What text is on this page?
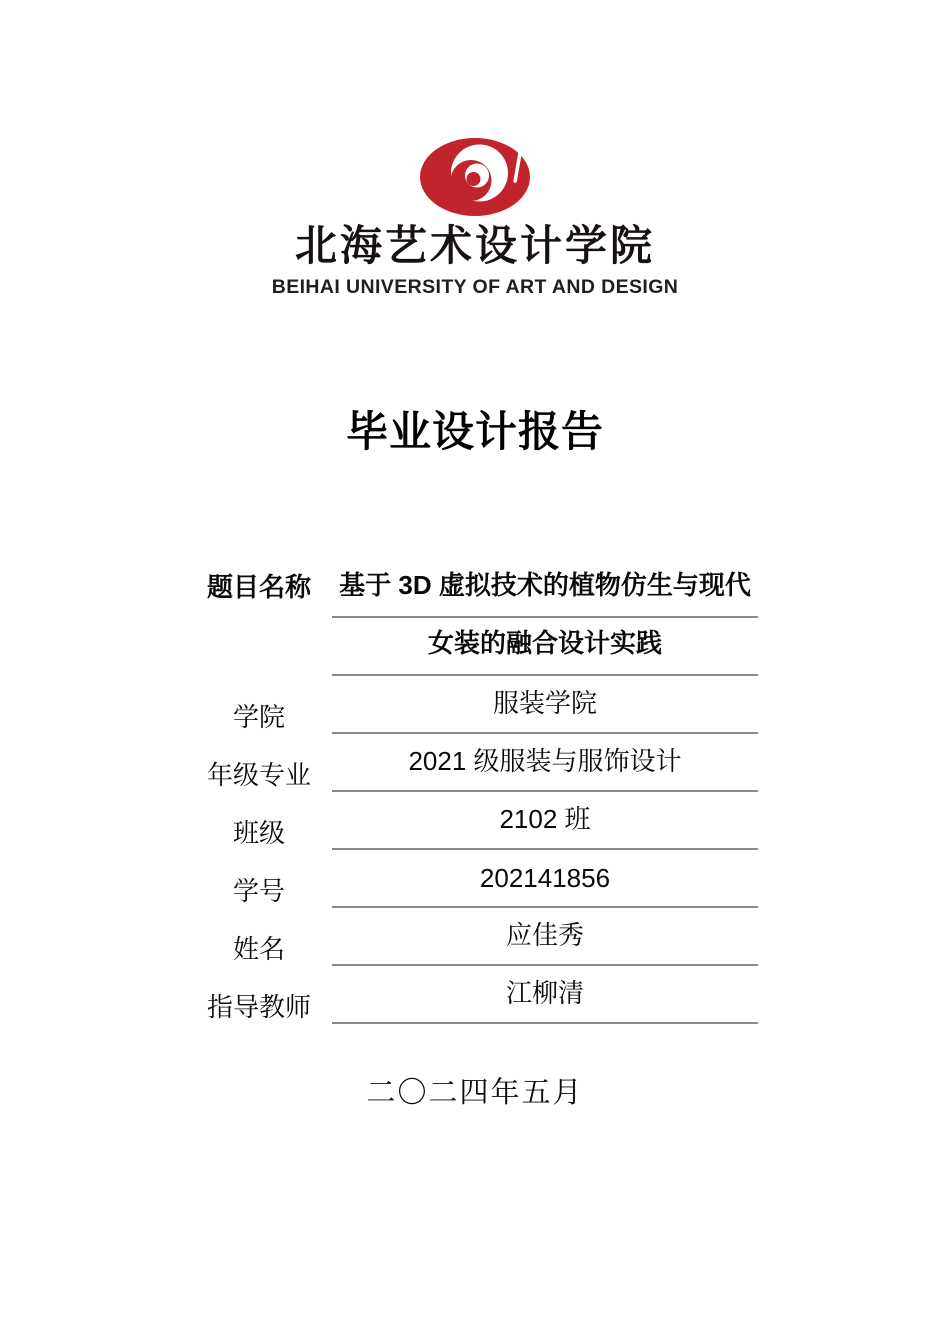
北海艺术设计学院
BEIHAI UNIVERSITY OF ART AND DESIGN
毕业设计报告
题目名称	基于 3D 虚拟技术的植物仿生与现代
女装的融合设计实践
学院	服装学院
年级专业	2021 级服装与服饰设计
班级	2102 班
学号	202141856
姓名	应佳秀
指导教师	江柳清
二〇二四年五月
